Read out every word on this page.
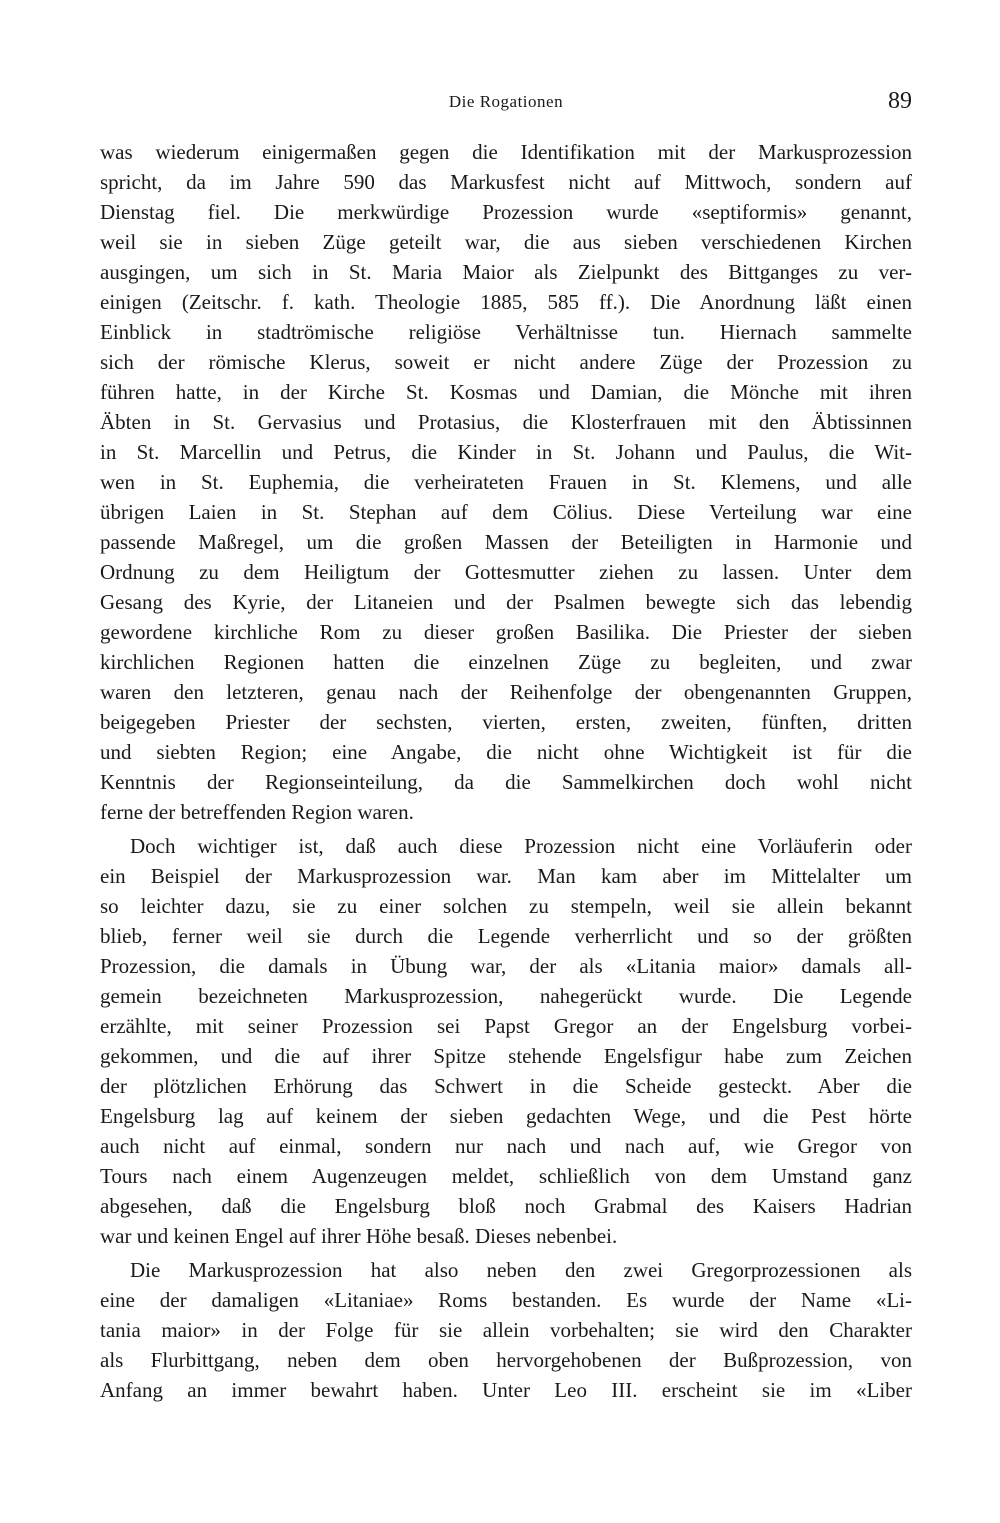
Die Rogationen	89
was wiederum einigermaßen gegen die Identifikation mit der Markusprozession
spricht, da im Jahre 590 das Markusfest nicht auf Mittwoch, sondern auf
Dienstag fiel. Die merkwürdige Prozession wurde «septiformis» genannt,
weil sie in sieben Züge geteilt war, die aus sieben verschiedenen Kirchen
ausgingen, um sich in St. Maria Maior als Zielpunkt des Bittganges zu ver-
einigen (Zeitschr. f. kath. Theologie 1885, 585 ff.). Die Anordnung läßt einen
Einblick in stadtrömische religiöse Verhältnisse tun. Hiernach sammelte
sich der römische Klerus, soweit er nicht andere Züge der Prozession zu
führen hatte, in der Kirche St. Kosmas und Damian, die Mönche mit ihren
Äbten in St. Gervasius und Protasius, die Klosterfrauen mit den Äbtissinnen
in St. Marcellin und Petrus, die Kinder in St. Johann und Paulus, die Wit-
wen in St. Euphemia, die verheirateten Frauen in St. Klemens, und alle
übrigen Laien in St. Stephan auf dem Cölius. Diese Verteilung war eine
passende Maßregel, um die großen Massen der Beteiligten in Harmonie und
Ordnung zu dem Heiligtum der Gottesmutter ziehen zu lassen. Unter dem
Gesang des Kyrie, der Litaneien und der Psalmen bewegte sich das lebendig
gewordene kirchliche Rom zu dieser großen Basilika. Die Priester der sieben
kirchlichen Regionen hatten die einzelnen Züge zu begleiten, und zwar
waren den letzteren, genau nach der Reihenfolge der obengenannten Gruppen,
beigegeben Priester der sechsten, vierten, ersten, zweiten, fünften, dritten
und siebten Region; eine Angabe, die nicht ohne Wichtigkeit ist für die
Kenntnis der Regionseinteilung, da die Sammelkirchen doch wohl nicht
ferne der betreffenden Region waren.
Doch wichtiger ist, daß auch diese Prozession nicht eine Vorläuferin oder
ein Beispiel der Markusprozession war. Man kam aber im Mittelalter um
so leichter dazu, sie zu einer solchen zu stempeln, weil sie allein bekannt
blieb, ferner weil sie durch die Legende verherrlicht und so der größten
Prozession, die damals in Übung war, der als «Litania maior» damals all-
gemein bezeichneten Markusprozession, nahegerückt wurde. Die Legende
erzählte, mit seiner Prozession sei Papst Gregor an der Engelsburg vorbei-
gekommen, und die auf ihrer Spitze stehende Engelsfigur habe zum Zeichen
der plötzlichen Erhörung das Schwert in die Scheide gesteckt. Aber die
Engelsburg lag auf keinem der sieben gedachten Wege, und die Pest hörte
auch nicht auf einmal, sondern nur nach und nach auf, wie Gregor von
Tours nach einem Augenzeugen meldet, schließlich von dem Umstand ganz
abgesehen, daß die Engelsburg bloß noch Grabmal des Kaisers Hadrian
war und keinen Engel auf ihrer Höhe besaß. Dieses nebenbei.
Die Markusprozession hat also neben den zwei Gregorprozessionen als
eine der damaligen «Litaniae» Roms bestanden. Es wurde der Name «Li-
tania maior» in der Folge für sie allein vorbehalten; sie wird den Charakter
als Flurbittgang, neben dem oben hervorgehobenen der Bußprozession, von
Anfang an immer bewahrt haben. Unter Leo III. erscheint sie im «Liber
